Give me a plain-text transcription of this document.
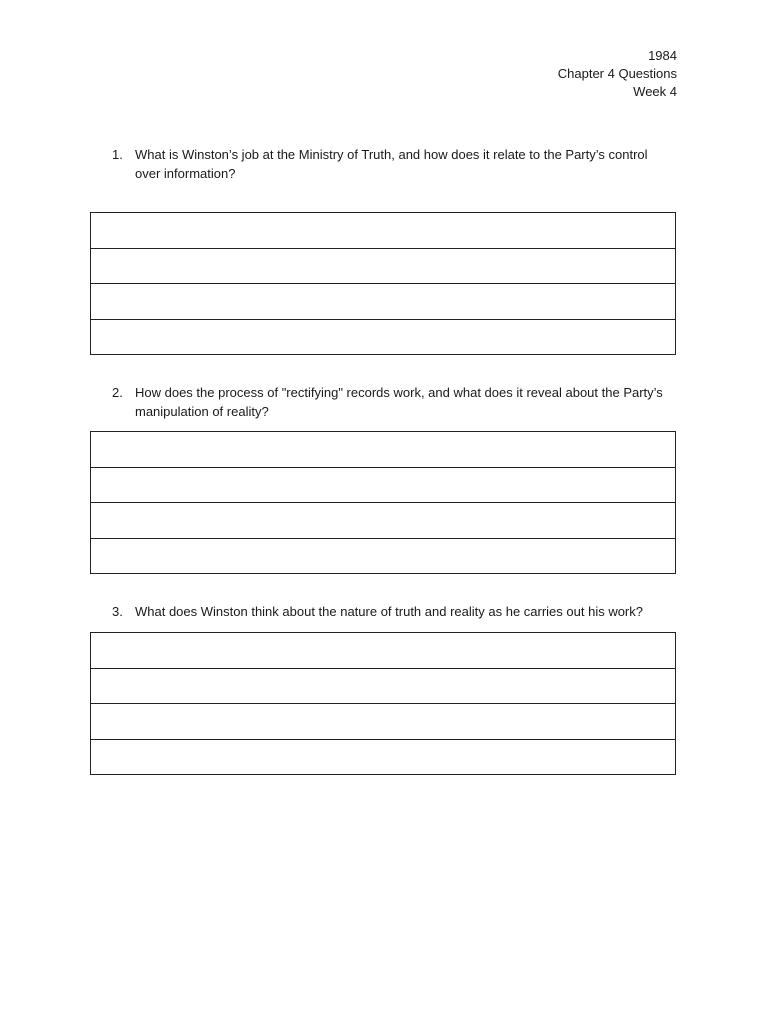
1984
Chapter 4 Questions
Week 4
1. What is Winston’s job at the Ministry of Truth, and how does it relate to the Party’s control over information?
2. How does the process of "rectifying" records work, and what does it reveal about the Party’s manipulation of reality?
3. What does Winston think about the nature of truth and reality as he carries out his work?
